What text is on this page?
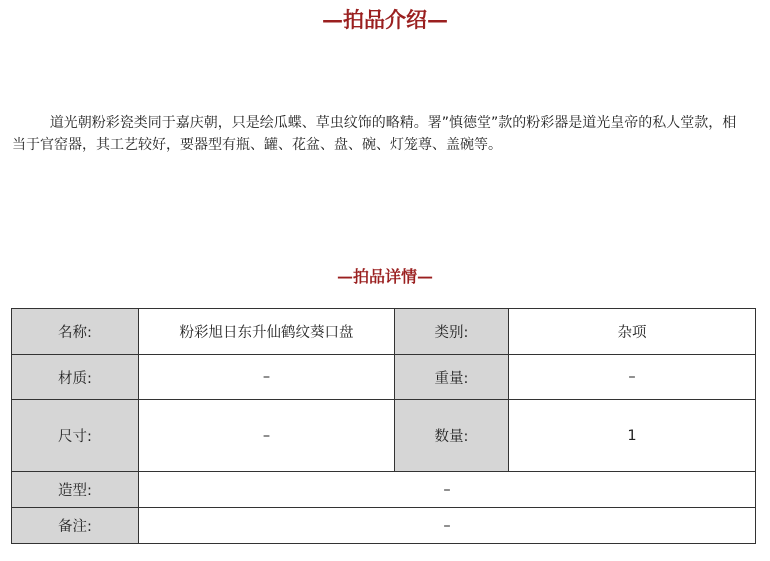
—拍品介绍—

道光朝粉彩瓷类同于嘉庆朝，只是绘瓜蝶、草虫纹饰的略精。署”慎德堂”款的粉彩器是道光皇帝的私人堂款，相当于官窑器，其工艺较好，要器型有瓶、罐、花盆、盘、碗、灯笼尊、盖碗等。

—拍品详情—
名称:	粉彩旭日东升仙鹤纹葵口盘	类别:	杂项
材质:	–	重量:	–
尺寸:	–	数量:	1
造型:	–		
备注:	–		
